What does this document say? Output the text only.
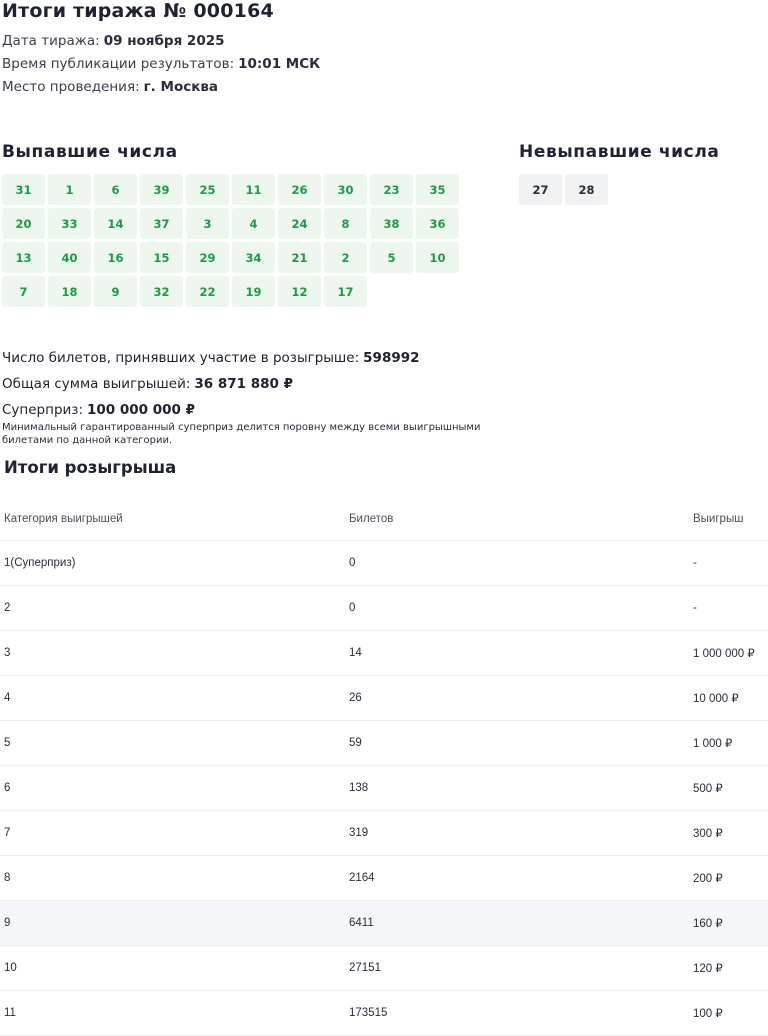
Итоги тиража № 000164
Дата тиража: 09 ноября 2025
Время публикации результатов: 10:01 МСК
Место проведения: г. Москва
Выпавшие числа	Невыпавшие числа
31	1	6	39	25	11	26	30	23	35
20	33	14	37	3	4	24	8	38	36
13	40	16	15	29	34	21	2	5	10
7	18	9	32	22	19	12	17
27	28
Число билетов, принявших участие в розыгрыше: 598992
Общая сумма выигрышей: 36 871 880 ₽
Суперприз: 100 000 000 ₽

Минимальный гарантированный суперприз делится поровну между всеми выигрышными билетами по данной категории.

Итоги розыгрыша
Категория выигрышей	Билетов	Выигрыш
1(Суперприз)	0	-
2	0	-
3	14	1 000 000 ₽
4	26	10 000 ₽
5	59	1 000 ₽
6	138	500 ₽
7	319	300 ₽
8	2164	200 ₽
9	6411	160 ₽
10	27151	120 ₽
11	173515	100 ₽
